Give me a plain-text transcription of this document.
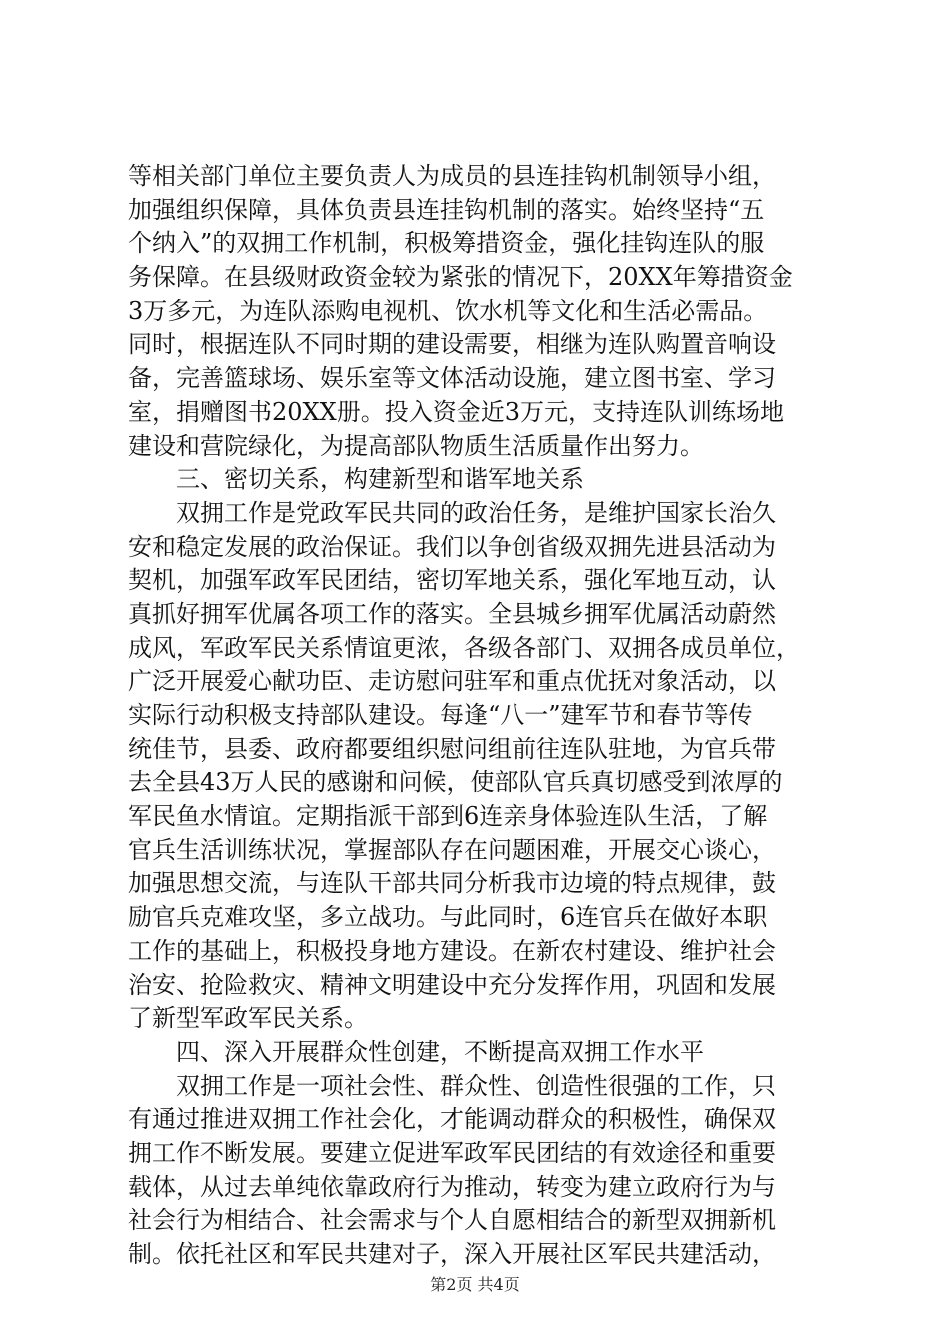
等相关部门单位主要负责人为成员的县连挂钩机制领导小组，
加强组织保障，具体负责县连挂钩机制的落实。始终坚持“五
个纳入”的双拥工作机制，积极筹措资金，强化挂钩连队的服
务保障。在县级财政资金较为紧张的情况下，20XX年筹措资金
3万多元，为连队添购电视机、饮水机等文化和生活必需品。
同时，根据连队不同时期的建设需要，相继为连队购置音响设
备，完善篮球场、娱乐室等文体活动设施，建立图书室、学习
室，捐赠图书20XX册。投入资金近3万元，支持连队训练场地
建设和营院绿化，为提高部队物质生活质量作出努力。
　　三、密切关系，构建新型和谐军地关系
　　双拥工作是党政军民共同的政治任务，是维护国家长治久
安和稳定发展的政治保证。我们以争创省级双拥先进县活动为
契机，加强军政军民团结，密切军地关系，强化军地互动，认
真抓好拥军优属各项工作的落实。全县城乡拥军优属活动蔚然
成风，军政军民关系情谊更浓，各级各部门、双拥各成员单位，
广泛开展爱心献功臣、走访慰问驻军和重点优抚对象活动，以
实际行动积极支持部队建设。每逢“八一”建军节和春节等传
统佳节，县委、政府都要组织慰问组前往连队驻地，为官兵带
去全县43万人民的感谢和问候，使部队官兵真切感受到浓厚的
军民鱼水情谊。定期指派干部到6连亲身体验连队生活，了解
官兵生活训练状况，掌握部队存在问题困难，开展交心谈心，
加强思想交流，与连队干部共同分析我市边境的特点规律，鼓
励官兵克难攻坚，多立战功。与此同时，6连官兵在做好本职
工作的基础上，积极投身地方建设。在新农村建设、维护社会
治安、抢险救灾、精神文明建设中充分发挥作用，巩固和发展
了新型军政军民关系。
　　四、深入开展群众性创建，不断提高双拥工作水平
　　双拥工作是一项社会性、群众性、创造性很强的工作，只
有通过推进双拥工作社会化，才能调动群众的积极性，确保双
拥工作不断发展。要建立促进军政军民团结的有效途径和重要
载体，从过去单纯依靠政府行为推动，转变为建立政府行为与
社会行为相结合、社会需求与个人自愿相结合的新型双拥新机
制。依托社区和军民共建对子，深入开展社区军民共建活动，
第2页 共4页
